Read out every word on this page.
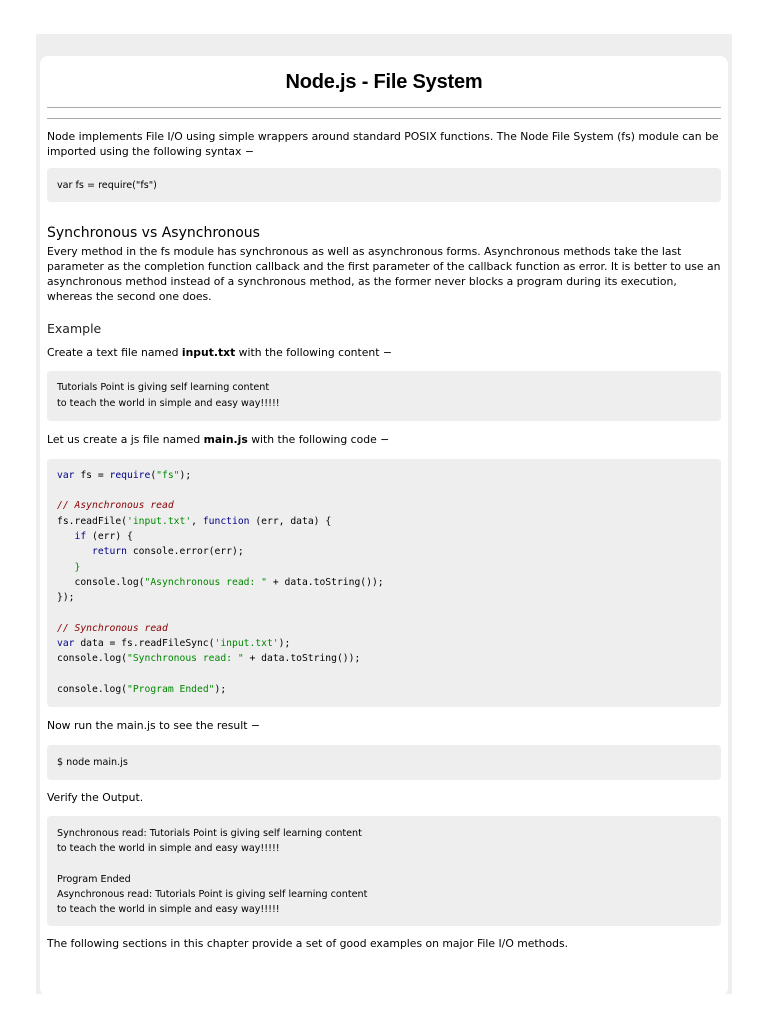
Node.js - File System

Node implements File I/O using simple wrappers around standard POSIX functions. The Node File System (fs) module can be imported using the following syntax −

var fs = require("fs")
Synchronous vs Asynchronous

Every method in the fs module has synchronous as well as asynchronous forms. Asynchronous methods take the last parameter as the completion function callback and the first parameter of the callback function as error. It is better to use an asynchronous method instead of a synchronous method, as the former never blocks a program during its execution, whereas the second one does.

Example

Create a text file named input.txt with the following content −

Tutorials Point is giving self learning content
to teach the world in simple and easy way!!!!!

Let us create a js file named main.js with the following code −

var fs = require("fs");

// Asynchronous read
fs.readFile('input.txt', function (err, data) {
if (err) {
return console.error(err);
}
console.log("Asynchronous read: " + data.toString());
});

// Synchronous read
var data = fs.readFileSync('input.txt');
console.log("Synchronous read: " + data.toString());

console.log("Program Ended");

Now run the main.js to see the result −

$ node main.js

Verify the Output.

Synchronous read: Tutorials Point is giving self learning content
to teach the world in simple and easy way!!!!!

Program Ended
Asynchronous read: Tutorials Point is giving self learning content
to teach the world in simple and easy way!!!!!

The following sections in this chapter provide a set of good examples on major File I/O methods.
